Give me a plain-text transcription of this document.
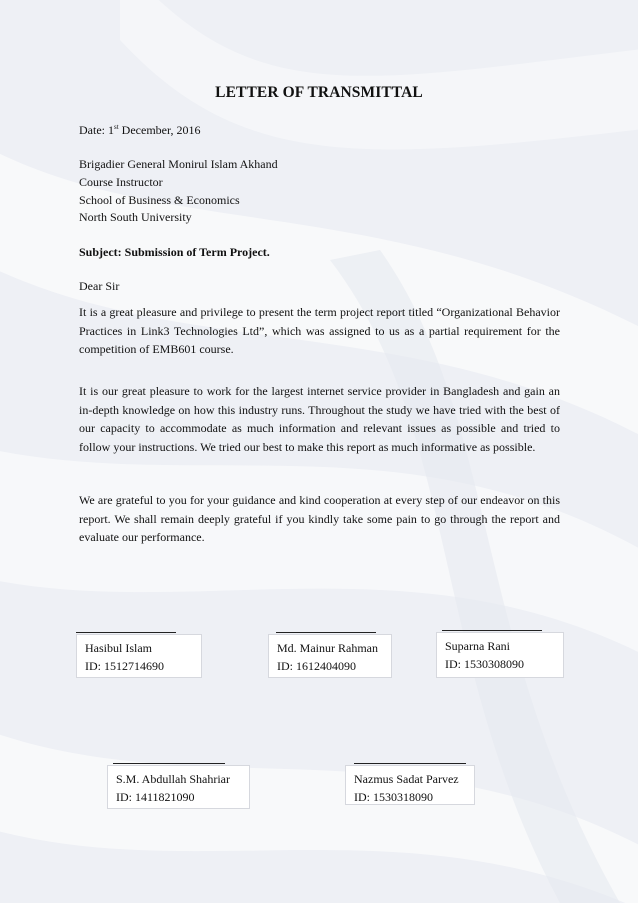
LETTER OF TRANSMITTAL
Date: 1st December, 2016
Brigadier General Monirul Islam Akhand
Course Instructor
School of Business & Economics
North South University
Subject: Submission of Term Project.
Dear Sir
It is a great pleasure and privilege to present the term project report titled “Organizational Behavior Practices in Link3 Technologies Ltd”, which was assigned to us as a partial requirement for the competition of EMB601 course.
It is our great pleasure to work for the largest internet service provider in Bangladesh and gain an in-depth knowledge on how this industry runs. Throughout the study we have tried with the best of our capacity to accommodate as much information and relevant issues as possible and tried to follow your instructions. We tried our best to make this report as much informative as possible.
We are grateful to you for your guidance and kind cooperation at every step of our endeavor on this report. We shall remain deeply grateful if you kindly take some pain to go through the report and evaluate our performance.
Hasibul Islam
ID: 1512714690
Md. Mainur Rahman
ID: 1612404090
Suparna Rani
ID: 1530308090
S.M. Abdullah Shahriar
ID: 1411821090
Nazmus Sadat Parvez
ID: 1530318090
